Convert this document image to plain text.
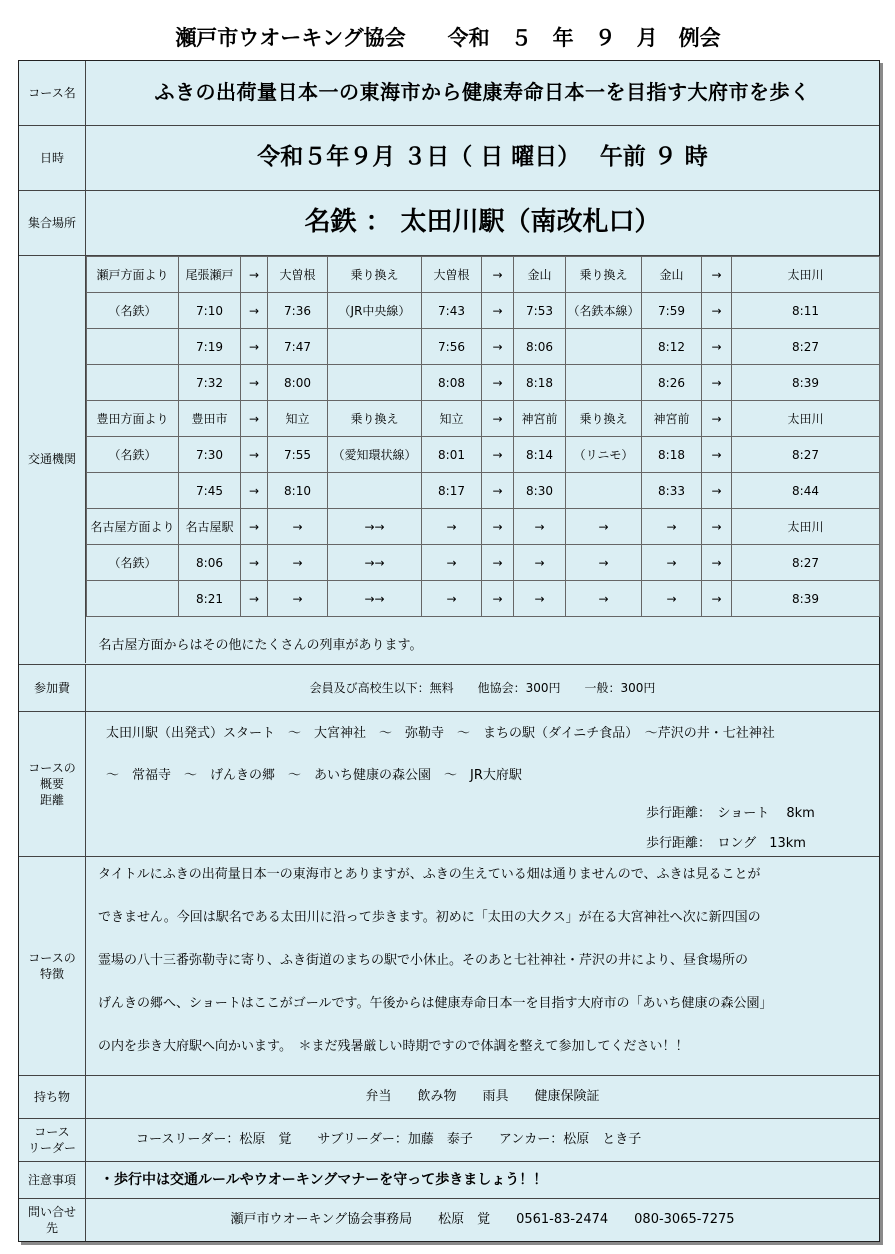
瀬戸市ウオーキング協会　　令和　５　年　９　月　例会
コース名	ふきの出荷量日本一の東海市から健康寿命日本一を目指す大府市を歩く
日時	令和５年９月 ３日（ 日 曜日）　 午前 ９ 時
集合場所	名鉄 ： 太田川駅（南改札口）
交通機関
瀬戸方面より	尾張瀬戸	→	大曽根	乗り換え	大曽根	→	金山	乗り換え	金山	→	太田川
（名鉄）	7:10	→	7:36	（JR中央線）	7:43	→	7:53	（名鉄本線）	7:59	→	8:11
	7:19	→	7:47		7:56	→	8:06		8:12	→	8:27
	7:32	→	8:00		8:08	→	8:18		8:26	→	8:39
豊田方面より	豊田市	→	知立	乗り換え	知立	→	神宮前	乗り換え	神宮前	→	太田川
（名鉄）	7:30	→	7:55	（愛知環状線）	8:01	→	8:14	（リニモ）	8:18	→	8:27
	7:45	→	8:10		8:17	→	8:30		8:33	→	8:44
名古屋方面より	名古屋駅	→	→	→→	→	→	→	→	→	→	太田川
（名鉄）	8:06	→	→	→→	→	→	→	→	→	→	8:27
	8:21	→	→	→→	→	→	→	→	→	→	8:39
名古屋方面からはその他にたくさんの列車があります。											
参加費	会員及び高校生以下：無料　　他協会：300円　　一般：300円
コースの
概要
距離

太田川駅（出発式）スタート　～　大宮神社　～　弥勒寺　～　まちの駅（ダイニチ食品）　～芹沢の井・七社神社

～　常福寺　～　げんきの郷　～　あいち健康の森公園　～　JR大府駅

歩行距離：　ショート　 8km

歩行距離：　ロング　13km

コースの
特徴

タイトルにふきの出荷量日本一の東海市とありますが、ふきの生えている畑は通りませんので、ふきは見ることが

できません。今回は駅名である太田川に沿って歩きます。初めに「太田の大クス」が在る大宮神社へ次に新四国の

霊場の八十三番弥勒寺に寄り、ふき街道のまちの駅で小休止。そのあと七社神社・芹沢の井により、昼食場所の

げんきの郷へ、ショートはここがゴールです。午後からは健康寿命日本一を目指す大府市の「あいち健康の森公園」

の内を歩き大府駅へ向かいます。　＊まだ残暑厳しい時期ですので体調を整えて参加してください！！

持ち物	弁当　　飲み物　　雨具　　健康保険証
コース
リーダー
コースリーダー：松原　覚　　サブリーダー：加藤　泰子　　アンカー：松原　とき子
注意事項	・歩行中は交通ルールやウオーキングマナーを守って歩きましょう！！
問い合せ
先
瀬戸市ウオーキング協会事務局　　松原　覚　　0561-83-2474　　080-3065-7275
